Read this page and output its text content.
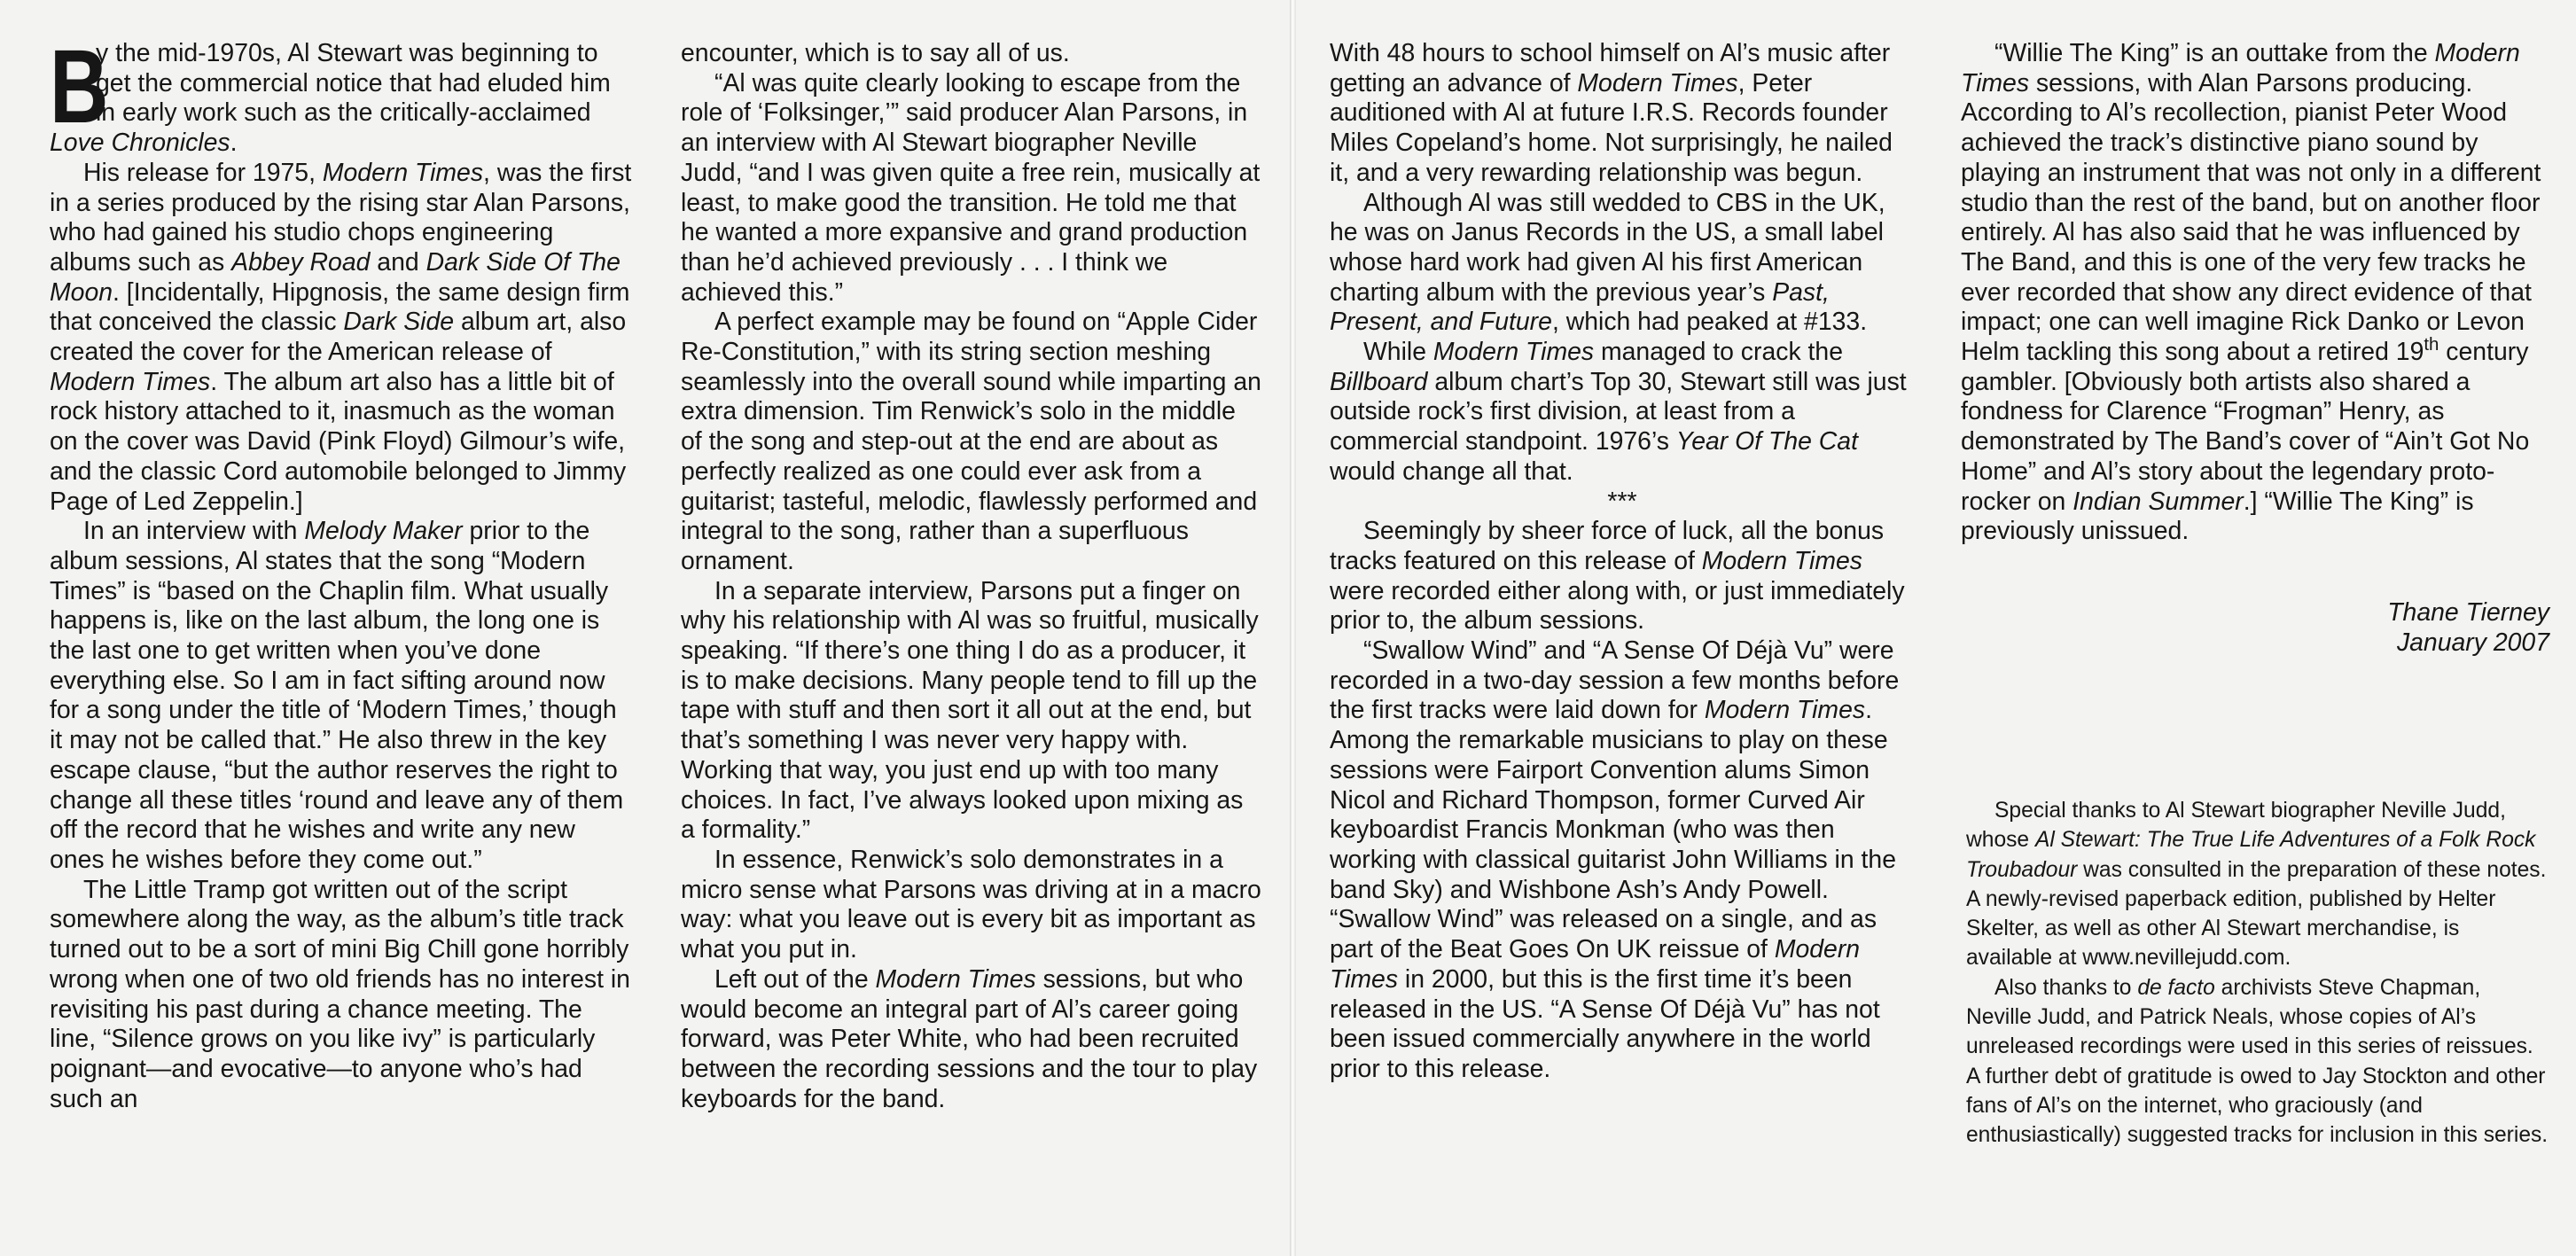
B
y the mid-1970s, Al Stewart was beginning to get the commercial notice that had eluded him in early work such as the critically-acclaimed Love Chronicles.

His release for 1975, Modern Times, was the first in a series produced by the rising star Alan Parsons, who had gained his studio chops engineering albums such as Abbey Road and Dark Side Of The Moon. [Incidentally, Hipgnosis, the same design firm that conceived the classic Dark Side album art, also created the cover for the American release of Modern Times. The album art also has a little bit of rock history attached to it, inasmuch as the woman on the cover was David (Pink Floyd) Gilmour’s wife, and the classic Cord automobile belonged to Jimmy Page of Led Zeppelin.]

In an interview with Melody Maker prior to the album sessions, Al states that the song “Modern Times” is “based on the Chaplin film. What usually happens is, like on the last album, the long one is the last one to get written when you’ve done everything else. So I am in fact sifting around now for a song under the title of ‘Modern Times,’ though it may not be called that.” He also threw in the key escape clause, “but the author reserves the right to change all these titles ‘round and leave any of them off the record that he wishes and write any new ones he wishes before they come out.”

The Little Tramp got written out of the script somewhere along the way, as the album’s title track turned out to be a sort of mini Big Chill gone horribly wrong when one of two old friends has no interest in revisiting his past during a chance meeting. The line, “Silence grows on you like ivy” is particularly poignant—and evocative—to anyone who’s had such an

encounter, which is to say all of us.

“Al was quite clearly looking to escape from the role of ‘Folksinger,’” said producer Alan Parsons, in an interview with Al Stewart biographer Neville Judd, “and I was given quite a free rein, musically at least, to make good the transition. He told me that he wanted a more expansive and grand production than he’d achieved previously . . . I think we achieved this.”

A perfect example may be found on “Apple Cider Re-Constitution,” with its string section meshing seamlessly into the overall sound while imparting an extra dimension. Tim Renwick’s solo in the middle of the song and step-out at the end are about as perfectly realized as one could ever ask from a guitarist; tasteful, melodic, flawlessly performed and integral to the song, rather than a superfluous ornament.

In a separate interview, Parsons put a finger on why his relationship with Al was so fruitful, musically speaking. “If there’s one thing I do as a producer, it is to make decisions. Many people tend to fill up the tape with stuff and then sort it all out at the end, but that’s something I was never very happy with. Working that way, you just end up with too many choices. In fact, I’ve always looked upon mixing as a formality.”

In essence, Renwick’s solo demonstrates in a micro sense what Parsons was driving at in a macro way: what you leave out is every bit as important as what you put in.

Left out of the Modern Times sessions, but who would become an integral part of Al’s career going forward, was Peter White, who had been recruited between the recording sessions and the tour to play keyboards for the band.

With 48 hours to school himself on Al’s music after getting an advance of Modern Times, Peter auditioned with Al at future I.R.S. Records founder Miles Copeland’s home. Not surprisingly, he nailed it, and a very rewarding relationship was begun.

Although Al was still wedded to CBS in the UK, he was on Janus Records in the US, a small label whose hard work had given Al his first American charting album with the previous year’s Past, Present, and Future, which had peaked at #133.

While Modern Times managed to crack the Billboard album chart’s Top 30, Stewart still was just outside rock’s first division, at least from a commercial standpoint. 1976’s Year Of The Cat would change all that.

***

Seemingly by sheer force of luck, all the bonus tracks featured on this release of Modern Times were recorded either along with, or just immediately prior to, the album sessions.

“Swallow Wind” and “A Sense Of Déjà Vu” were recorded in a two-day session a few months before the first tracks were laid down for Modern Times. Among the remarkable musicians to play on these sessions were Fairport Convention alums Simon Nicol and Richard Thompson, former Curved Air keyboardist Francis Monkman (who was then working with classical guitarist John Williams in the band Sky) and Wishbone Ash’s Andy Powell. “Swallow Wind” was released on a single, and as part of the Beat Goes On UK reissue of Modern Times in 2000, but this is the first time it’s been released in the US. “A Sense Of Déjà Vu” has not been issued commercially anywhere in the world prior to this release.

“Willie The King” is an outtake from the Modern Times sessions, with Alan Parsons producing. According to Al’s recollection, pianist Peter Wood achieved the track’s distinctive piano sound by playing an instrument that was not only in a different studio than the rest of the band, but on another floor entirely. Al has also said that he was influenced by The Band, and this is one of the very few tracks he ever recorded that show any direct evidence of that impact; one can well imagine Rick Danko or Levon Helm tackling this song about a retired 19th century gambler. [Obviously both artists also shared a fondness for Clarence “Frogman” Henry, as demonstrated by The Band’s cover of “Ain’t Got No Home” and Al’s story about the legendary proto-rocker on Indian Summer.] “Willie The King” is previously unissued.

Thane Tierney
January 2007

Special thanks to Al Stewart biographer Neville Judd, whose Al Stewart: The True Life Adventures of a Folk Rock Troubadour was consulted in the preparation of these notes. A newly-revised paperback edition, published by Helter Skelter, as well as other Al Stewart merchandise, is available at www.nevillejudd.com.

Also thanks to de facto archivists Steve Chapman, Neville Judd, and Patrick Neals, whose copies of Al’s unreleased recordings were used in this series of reissues. A further debt of gratitude is owed to Jay Stockton and other fans of Al’s on the internet, who graciously (and enthusiastically) suggested tracks for inclusion in this series.
